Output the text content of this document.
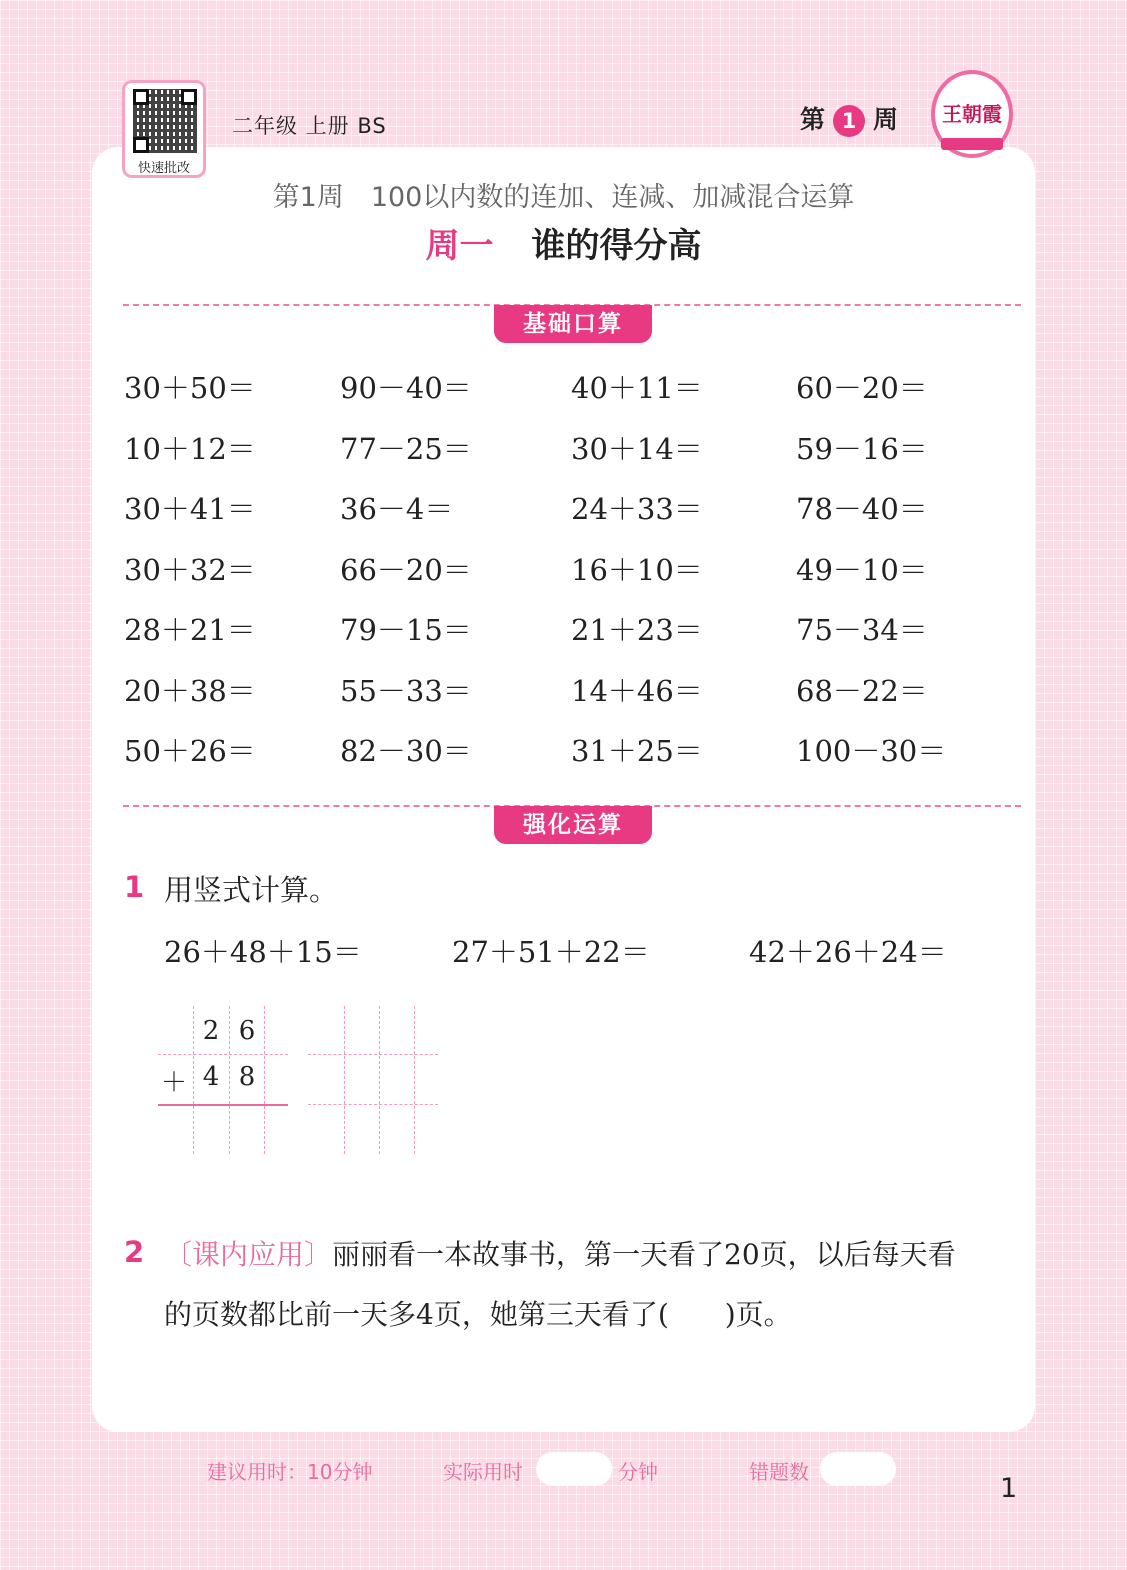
快速批改
二年级 上册 BS	第 1 周	王朝霞
第1周　100以内数的连加、连减、加减混合运算
周一 谁的得分高
基础口算
30＋50＝	90－40＝	40＋11＝	60－20＝
10＋12＝	77－25＝	30＋14＝	59－16＝
30＋41＝	36－4＝	24＋33＝	78－40＝
30＋32＝	66－20＝	16＋10＝	49－10＝
28＋21＝	79－15＝	21＋23＝	75－34＝
20＋38＝	55－33＝	14＋46＝	68－22＝
50＋26＝	82－30＝	31＋25＝	100－30＝
强化运算
1 用竖式计算。
26＋48＋15＝	27＋51＋22＝	42＋26＋24＝
2 6
＋ 4 8
2 〔课内应用〕丽丽看一本故事书，第一天看了20页，以后每天看
的页数都比前一天多4页，她第三天看了(　　)页。
建议用时：10分钟	实际用时	分钟	错题数
1
